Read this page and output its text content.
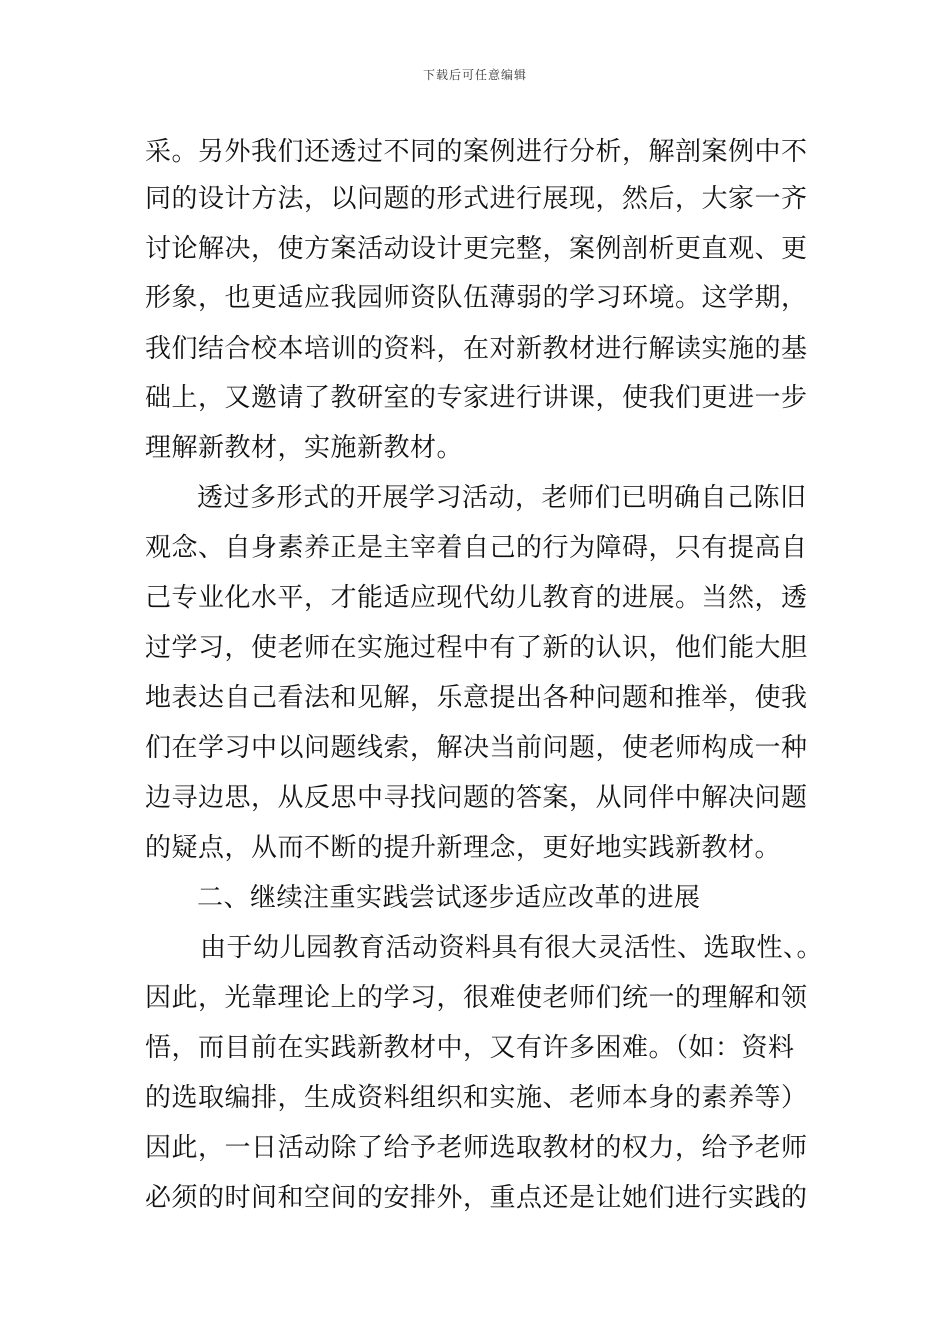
下载后可任意编辑
采。另外我们还透过不同的案例进行分析，解剖案例中不
同的设计方法，以问题的形式进行展现，然后，大家一齐
讨论解决，使方案活动设计更完整，案例剖析更直观、更
形象，也更适应我园师资队伍薄弱的学习环境。这学期，
我们结合校本培训的资料，在对新教材进行解读实施的基
础上，又邀请了教研室的专家进行讲课，使我们更进一步
理解新教材，实施新教材。
透过多形式的开展学习活动，老师们已明确自己陈旧
观念、自身素养正是主宰着自己的行为障碍，只有提高自
己专业化水平，才能适应现代幼儿教育的进展。当然，透
过学习，使老师在实施过程中有了新的认识，他们能大胆
地表达自己看法和见解，乐意提出各种问题和推举，使我
们在学习中以问题线索，解决当前问题，使老师构成一种
边寻边思，从反思中寻找问题的答案，从同伴中解决问题
的疑点，从而不断的提升新理念，更好地实践新教材。
二、继续注重实践尝试逐步适应改革的进展
由于幼儿园教育活动资料具有很大灵活性、选取性、。
因此，光靠理论上的学习，很难使老师们统一的理解和领
悟，而目前在实践新教材中，又有许多困难。（如：资料
的选取编排，生成资料组织和实施、老师本身的素养等）
因此，一日活动除了给予老师选取教材的权力，给予老师
必须的时间和空间的安排外，重点还是让她们进行实践的
